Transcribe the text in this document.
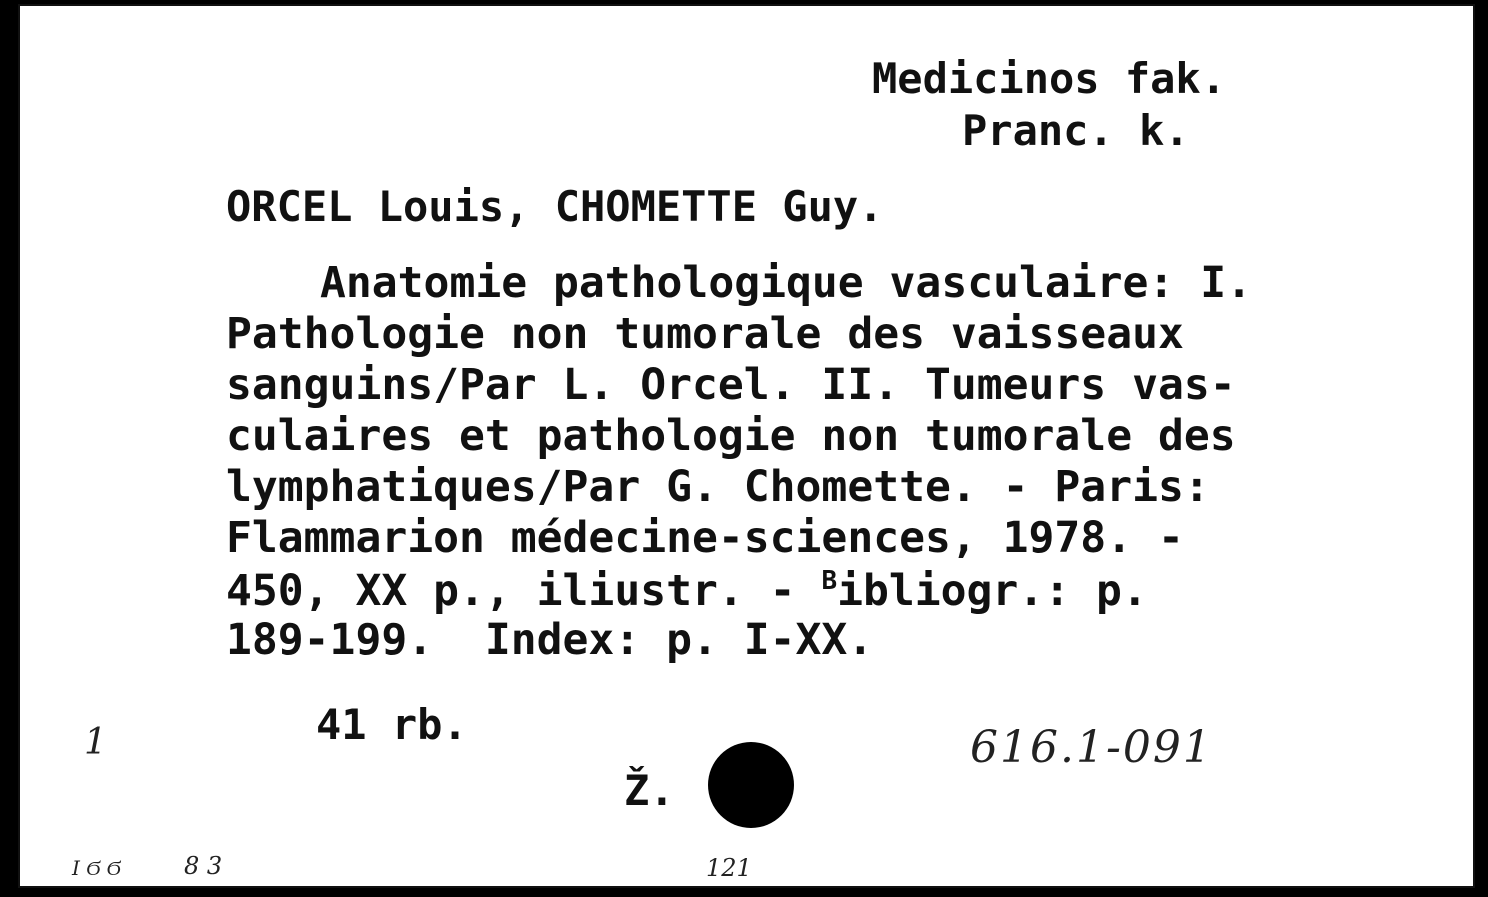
Medicinos fak.
Pranc. k.
ORCEL Louis, CHOMETTE Guy.
Anatomie pathologique vasculaire: I.
Pathologie non tumorale des vaisseaux
sanguins/Par L. Orcel. II. Tumeurs vas-
culaires et pathologie non tumorale des
lymphatiques/Par G. Chomette. - Paris:
Flammarion médecine-sciences, 1978. -
450, XX p., iliustr. - $^B$ibliogr.: p.
189-199.  Index: p. I-XX.
41 rb.
Ž.
1	616.1-091
Ι Ϭ Ϭ	8 3	121
